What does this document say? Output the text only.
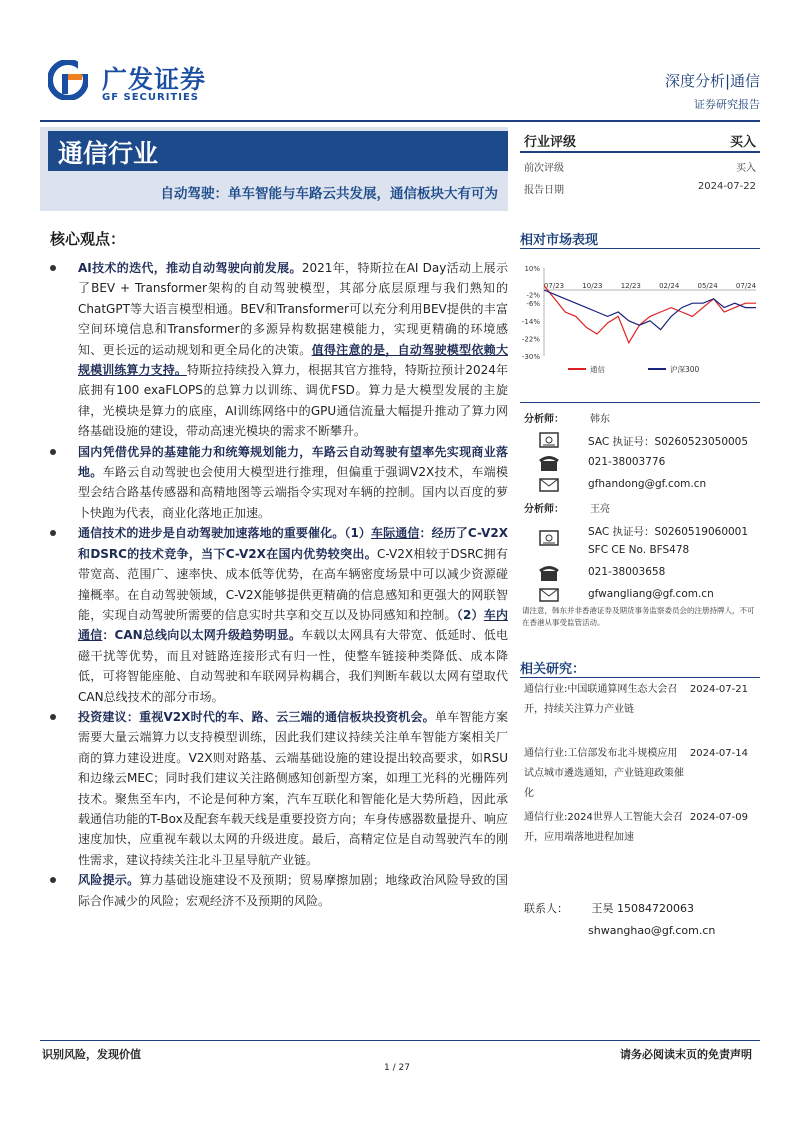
广发证券
GF SECURITIES
深度分析|通信
证券研究报告
通信行业
自动驾驶：单车智能与车路云共发展，通信板块大有可为
行业评级	买入
前次评级	买入
报告日期	2024-07-22
核心观点：
AI技术的迭代，推动自动驾驶向前发展。2021年，特斯拉在AI Day活动上展示了BEV + Transformer架构的自动驾驶模型，其部分底层原理与我们熟知的ChatGPT等大语言模型相通。BEV和Transformer可以充分利用BEV提供的丰富空间环境信息和Transformer的多源异构数据建模能力，实现更精确的环境感知、更长远的运动规划和更全局化的决策。值得注意的是，自动驾驶模型依赖大规模训练算力支持。特斯拉持续投入算力，根据其官方推特，特斯拉预计2024年底拥有100 exaFLOPS的总算力以训练、调优FSD。算力是大模型发展的主旋律，光模块是算力的底座，AI训练网络中的GPU通信流量大幅提升推动了算力网络基础设施的建设，带动高速光模块的需求不断攀升。
国内凭借优异的基建能力和统筹规划能力，车路云自动驾驶有望率先实现商业落地。车路云自动驾驶也会使用大模型进行推理，但偏重于强调V2X技术，车端模型会结合路基传感器和高精地图等云端指令实现对车辆的控制。国内以百度的萝卜快跑为代表，商业化落地正加速。
通信技术的进步是自动驾驶加速落地的重要催化。（1）车际通信：经历了C-V2X和DSRC的技术竞争，当下C-V2X在国内优势较突出。C-V2X相较于DSRC拥有带宽高、范围广、速率快、成本低等优势，在高车辆密度场景中可以减少资源碰撞概率。在自动驾驶领域，C-V2X能够提供更精确的信息感知和更强大的网联智能，实现自动驾驶所需要的信息实时共享和交互以及协同感知和控制。（2）车内通信：CAN总线向以太网升级趋势明显。车载以太网具有大带宽、低延时、低电磁干扰等优势，而且对链路连接形式有归一性，使整车链接种类降低、成本降低，可将智能座舱、自动驾驶和车联网异构耦合，我们判断车载以太网有望取代CAN总线技术的部分市场。
投资建议：重视V2X时代的车、路、云三端的通信板块投资机会。单车智能方案需要大量云端算力以支持模型训练，因此我们建议持续关注单车智能方案相关厂商的算力建设进度。V2X则对路基、云端基础设施的建设提出较高要求，如RSU和边缘云MEC；同时我们建议关注路侧感知创新型方案，如理工光科的光栅阵列技术。聚焦至车内，不论是何种方案，汽车互联化和智能化是大势所趋，因此承载通信功能的T-Box及配套车载天线是重要投资方向；车身传感器数量提升、响应速度加快，应重视车载以太网的升级进度。最后，高精定位是自动驾驶汽车的刚性需求，建议持续关注北斗卫星导航产业链。
风险提示。算力基础设施建设不及预期；贸易摩擦加剧；地缘政治风险导致的国际合作减少的风险；宏观经济不及预期的风险。
相对市场表现
10%
-2%
-6%
-14%
-22%
-30%
07/23	10/23	12/23	02/24	05/24	07/24
通信	沪深300
分析师：	韩东
SAC 执证号：S0260523050005
021-38003776
gfhandong@gf.com.cn
分析师：	王亮
SAC 执证号：S0260519060001
SFC CE No. BFS478
021-38003658
gfwangliang@gf.com.cn
请注意，韩东并非香港证券及期货事务监察委员会的注册持牌人，不可在香港从事受监管活动。
相关研究：
通信行业:中国联通算网生态大会召开，持续关注算力产业链
2024-07-21
通信行业:工信部发布北斗规模应用试点城市遴选通知，产业链迎政策催化
2024-07-14
通信行业:2024世界人工智能大会召开，应用端落地进程加速
2024-07-09
联系人： 王昊 15084720063
shwanghao@gf.com.cn
识别风险，发现价值	请务必阅读末页的免责声明
1 / 27
